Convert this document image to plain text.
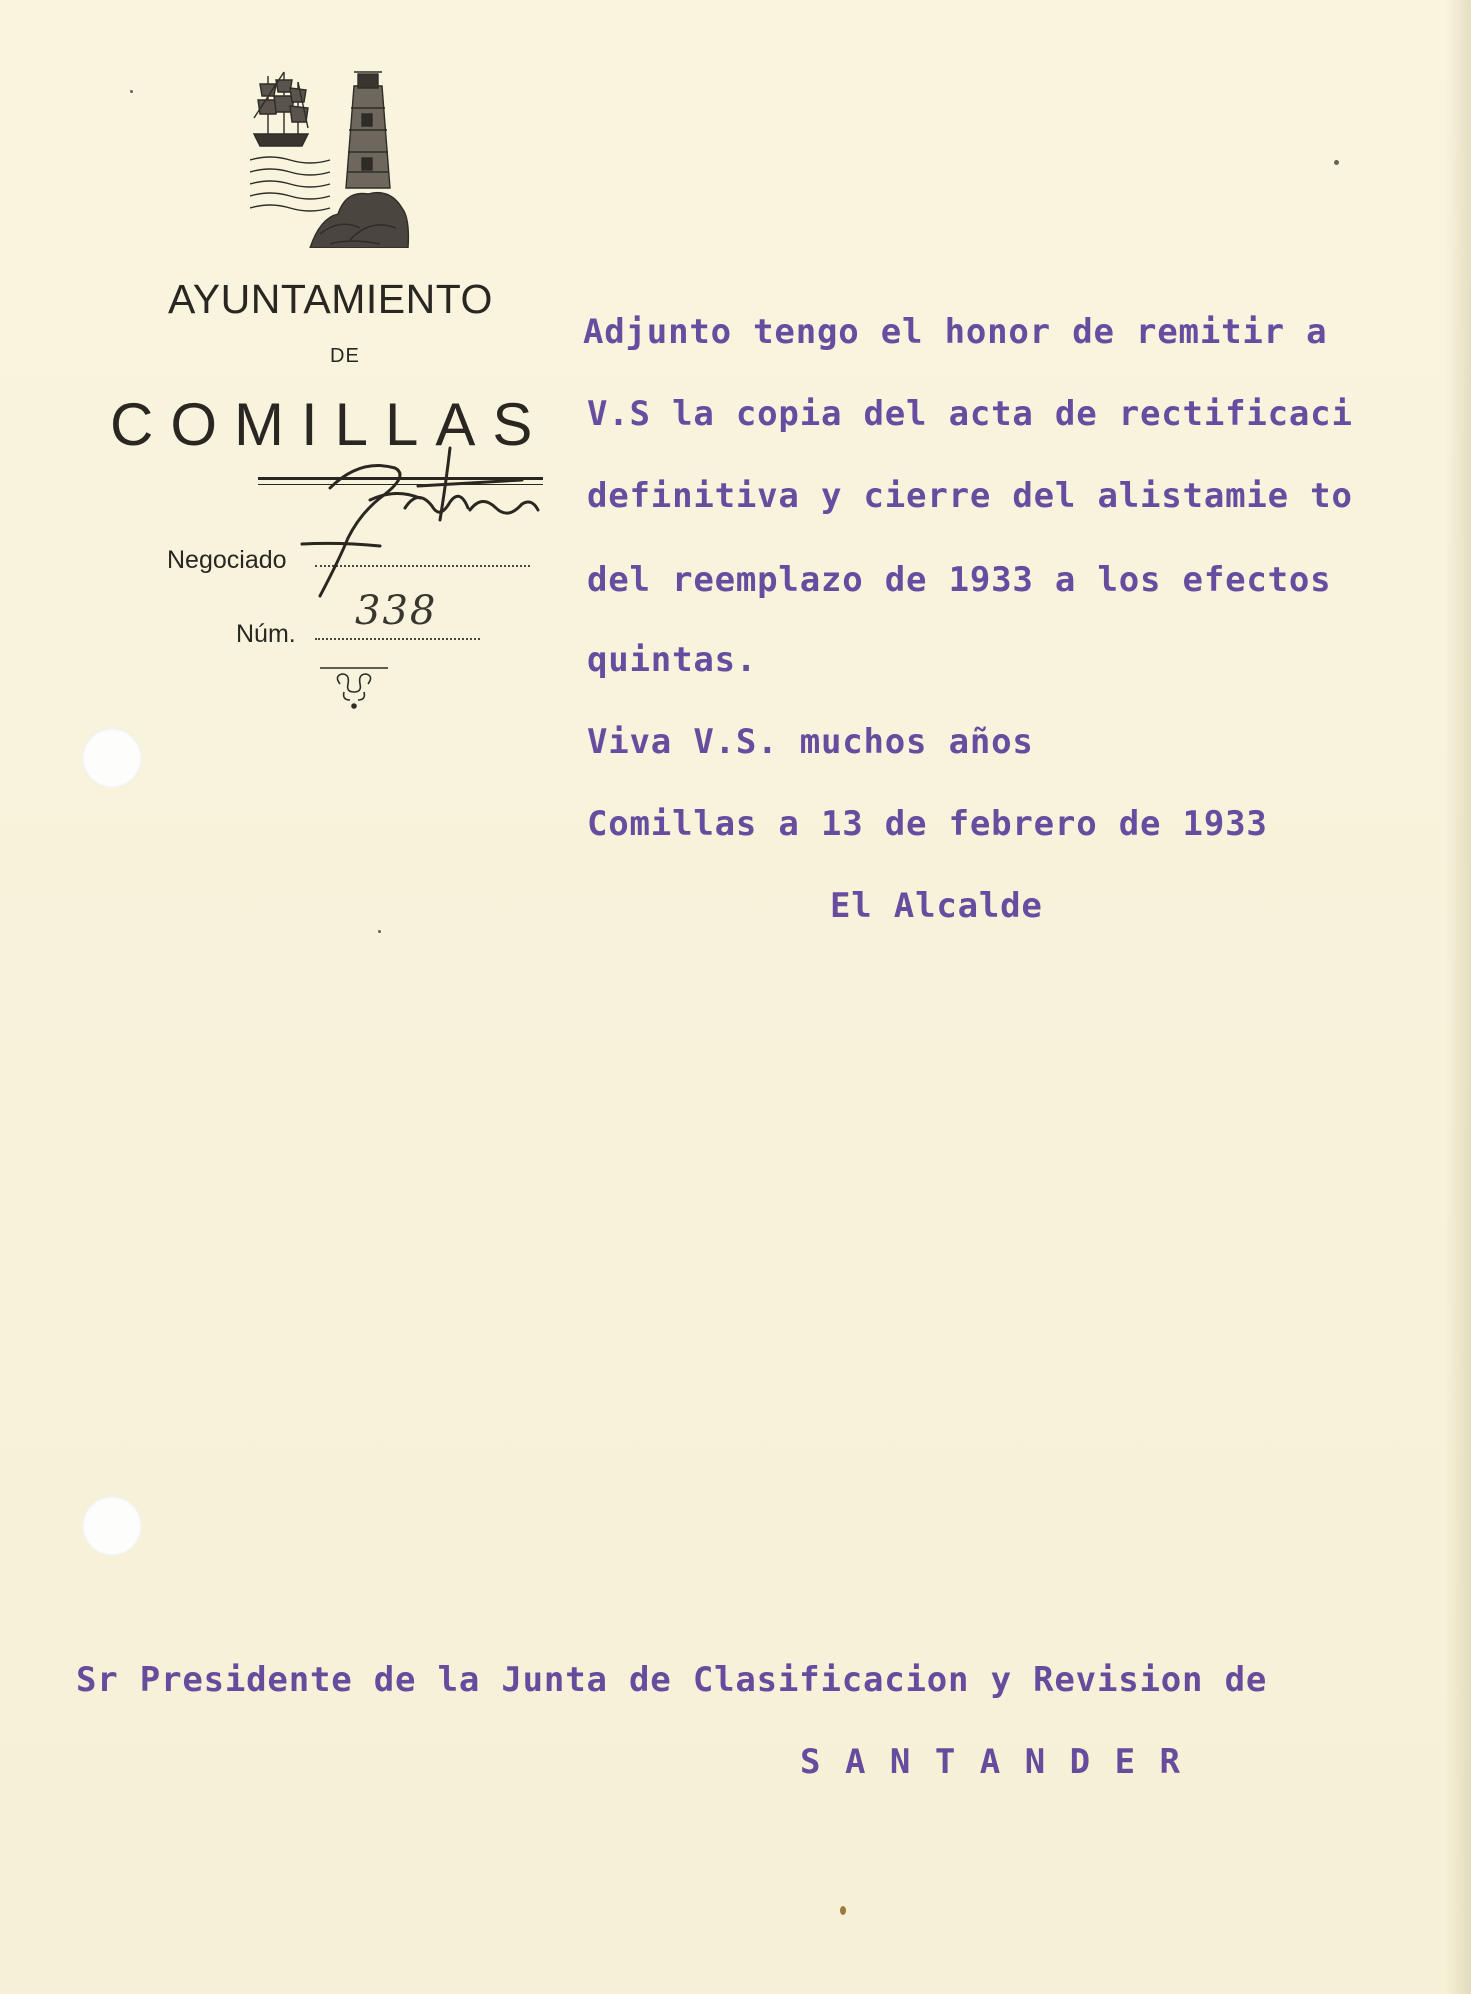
AYUNTAMIENTO
DE
COMILLAS
Negociado
Núm. 338
Adjunto tengo el honor de remitir a
V.S la copia del acta de rectificaci
definitiva y cierre del alistamie to
del reemplazo de 1933 a los efectos
quintas.
Viva V.S. muchos años
Comillas a 13 de febrero de 1933
El Alcalde
Sr Presidente de la Junta de Clasificacion y Revision de
S A N T A N D E R
